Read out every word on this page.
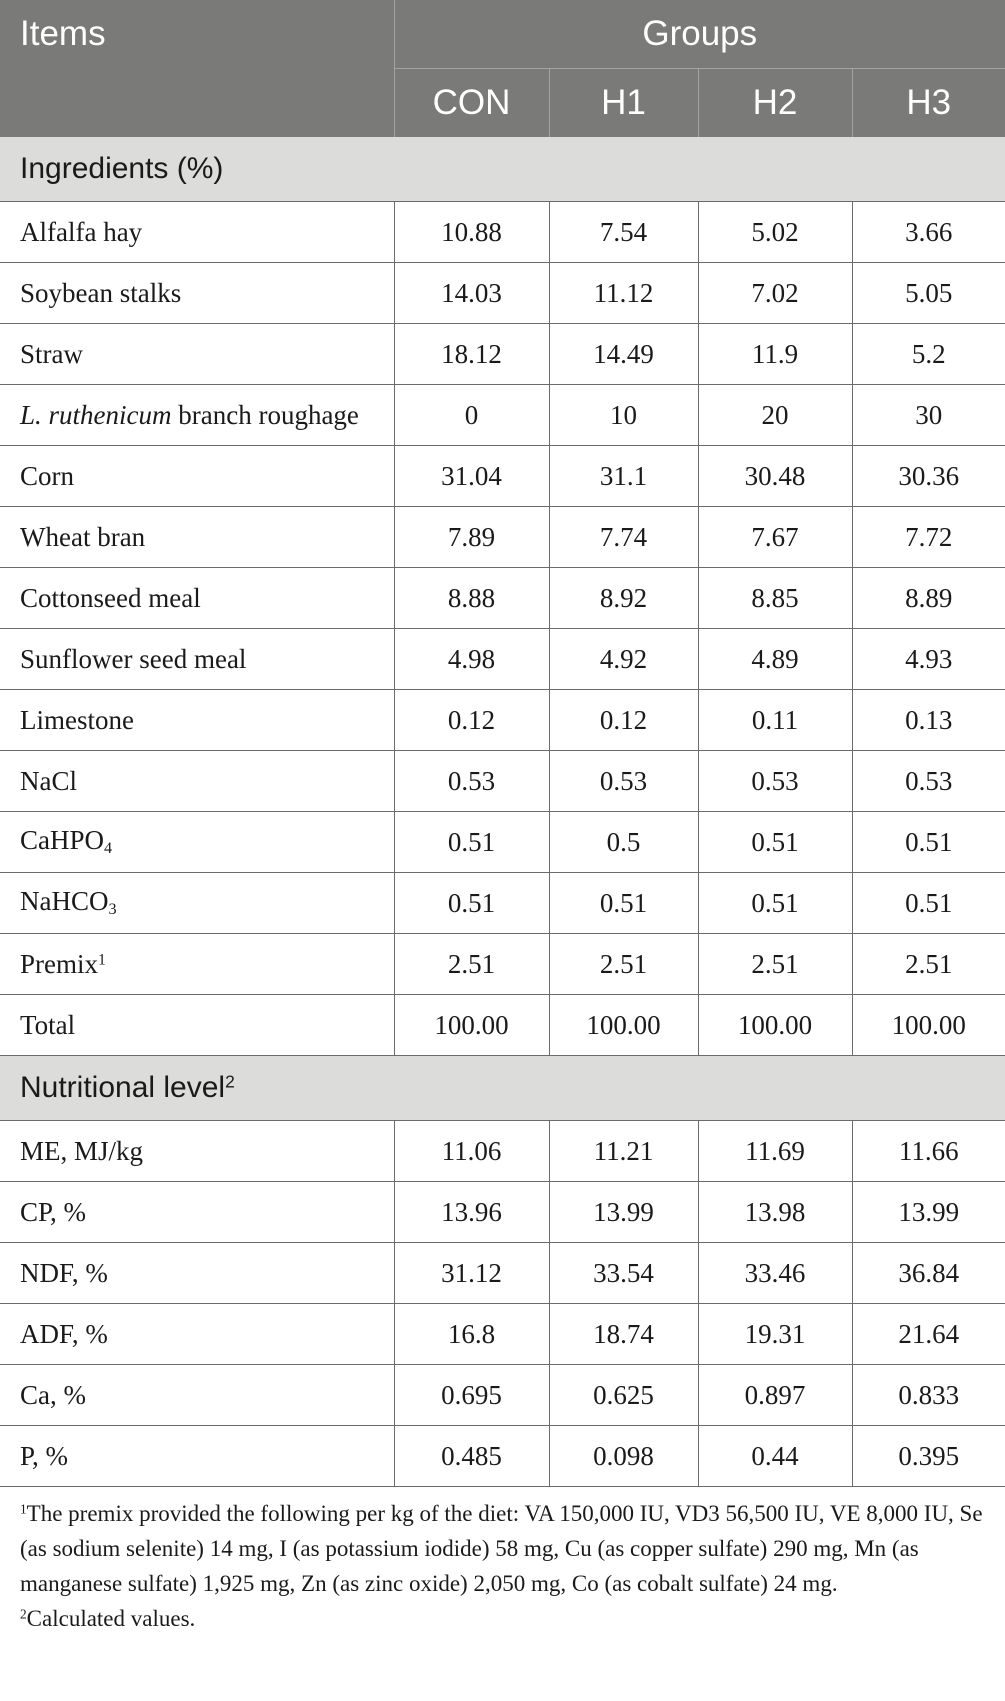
Items	Groups			
	CON	H1	H2	H3
Ingredients (%)				
Alfalfa hay	10.88	7.54	5.02	3.66
Soybean stalks	14.03	11.12	7.02	5.05
Straw	18.12	14.49	11.9	5.2
L. ruthenicum branch roughage	0	10	20	30
Corn	31.04	31.1	30.48	30.36
Wheat bran	7.89	7.74	7.67	7.72
Cottonseed meal	8.88	8.92	8.85	8.89
Sunflower seed meal	4.98	4.92	4.89	4.93
Limestone	0.12	0.12	0.11	0.13
NaCl	0.53	0.53	0.53	0.53
CaHPO$_4$	0.51	0.5	0.51	0.51
NaHCO$_3$	0.51	0.51	0.51	0.51
Premix$^1$	2.51	2.51	2.51	2.51
Total	100.00	100.00	100.00	100.00
Nutritional level$^2$
ME, MJ/kg	11.06	11.21	11.69	11.66
CP, %	13.96	13.99	13.98	13.99
NDF, %	31.12	33.54	33.46	36.84
ADF, %	16.8	18.74	19.31	21.64
Ca, %	0.695	0.625	0.897	0.833
P, %	0.485	0.098	0.44	0.395

$^1$The premix provided the following per kg of the diet: VA 150,000 IU, VD3 56,500 IU, VE 8,000 IU, Se (as sodium selenite) 14 mg, I (as potassium iodide) 58 mg, Cu (as copper sulfate) 290 mg, Mn (as manganese sulfate) 1,925 mg, Zn (as zinc oxide) 2,050 mg, Co (as cobalt sulfate) 24 mg.

$^2$Calculated values.
